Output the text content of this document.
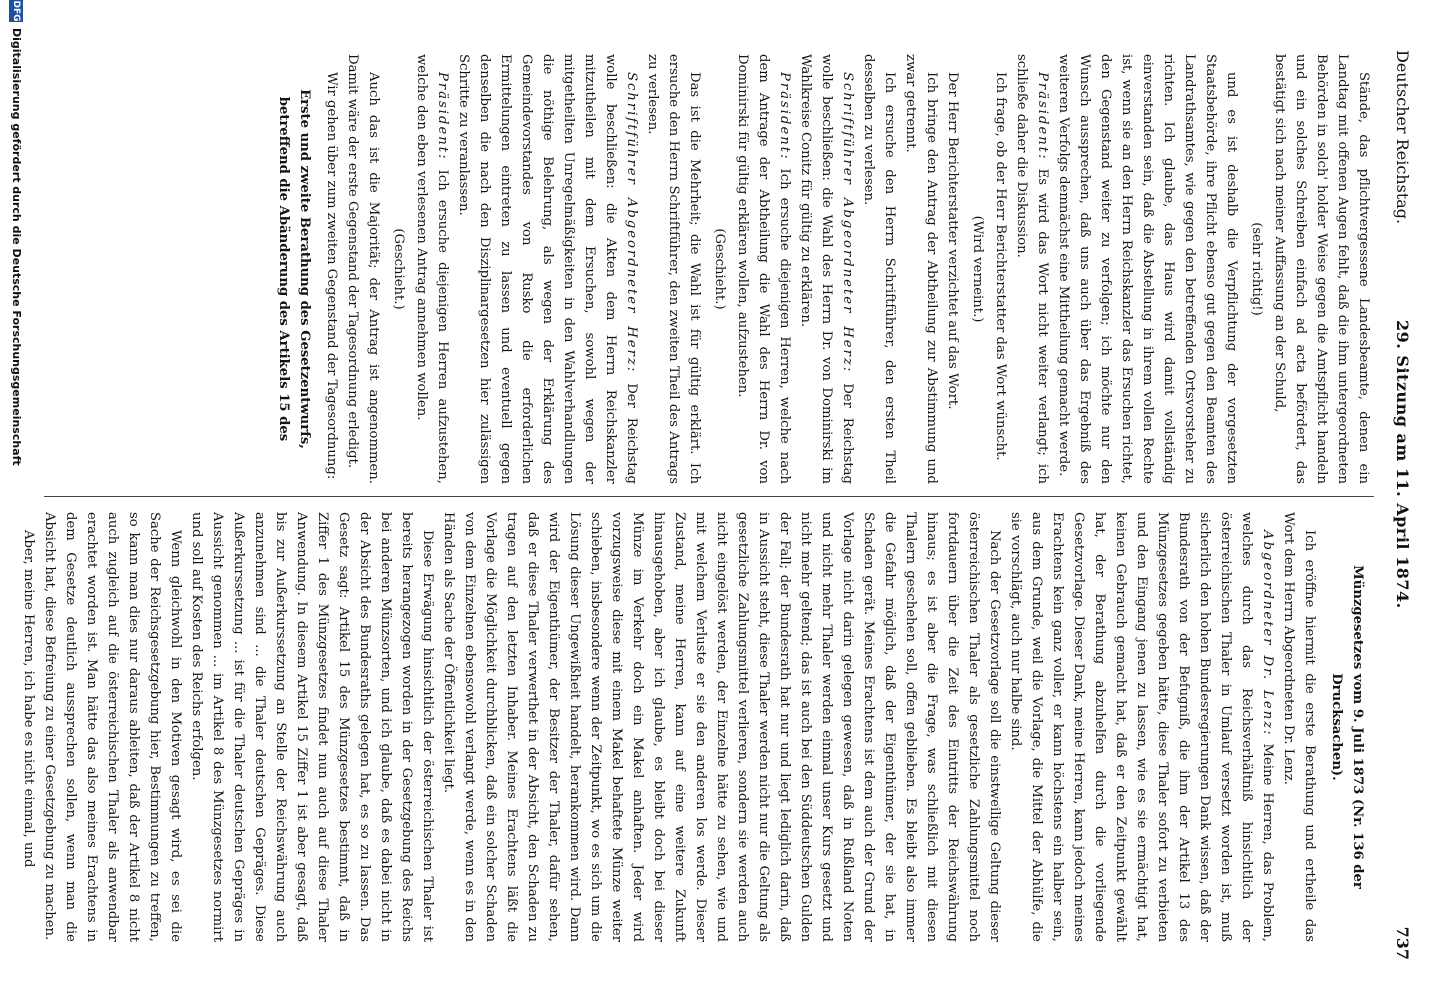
Deutscher Reichstag.
29. Sitzung am 11. April 1874.
737

Stände, das pflichtvergessene Landesbeamte, denen ein Landtag mit offenen Augen fehlt, daß die ihm untergeordneten Behörden in solch' holder Weise gegen die Amtspflicht handeln und ein solches Schreiben einfach ad acta befördert, das bestätigt sich nach meiner Auffassung an der Schuld,

(sehr richtig!)

und es ist deshalb die Verpflichtung der vorgesetzten Staatsbehörde, ihre Pflicht ebenso gut gegen den Beamten des Landrathsamtes, wie gegen den betreffenden Ortsvorsteher zu richten. Ich glaube, das Haus wird damit vollständig einverstanden sein, daß die Abstellung in ihrem vollen Rechte ist, wenn sie an den Herrn Reichskanzler das Ersuchen richtet, den Gegenstand weiter zu verfolgen; ich möchte nur den Wunsch aussprechen, daß uns auch über das Ergebniß des weiteren Verfolgs demnächst eine Mittheilung gemacht werde.

Präsident: Es wird das Wort nicht weiter verlangt; ich schließe daher die Diskussion.

Ich frage, ob der Herr Berichterstatter das Wort wünscht.

(Wird verneint.)

Der Herr Berichterstatter verzichtet auf das Wort.

Ich bringe den Antrag der Abtheilung zur Abstimmung und zwar getrennt.

Ich ersuche den Herrn Schriftführer, den ersten Theil desselben zu verlesen.

Schriftführer Abgeordneter Herz: Der Reichstag wolle beschließen: die Wahl des Herrn Dr. von Dominirski im Wahlkreise Conitz für gültig zu erklären.

Präsident: Ich ersuche diejenigen Herren, welche nach dem Antrage der Abtheilung die Wahl des Herrn Dr. von Dominirski für gültig erklären wollen, aufzustehen.

(Geschieht.)

Das ist die Mehrheit; die Wahl ist für gültig erklärt. Ich ersuche den Herrn Schriftführer, den zweiten Theil des Antrags zu verlesen.

Schriftführer Abgeordneter Herz: Der Reichstag wolle beschließen: die Akten dem Herrn Reichskanzler mitzutheilen mit dem Ersuchen, sowohl wegen der mitgetheilten Unregelmäßigkeiten in den Wahlverhandlungen die nöthige Belehrung, als wegen der Erklärung des Gemeindevorstandes von Rusko die erforderlichen Ermittelungen eintreten zu lassen und eventuell gegen denselben die nach den Disziplinargesetzen hier zulässigen Schritte zu veranlassen.

Präsident: Ich ersuche diejenigen Herren aufzustehen, welche den eben verlesenen Antrag annehmen wollen.

(Geschieht.)

Auch das ist die Majorität; der Antrag ist angenommen. Damit wäre der erste Gegenstand der Tagesordnung erledigt.

Wir gehen über zum zweiten Gegenstand der Tagesordnung:

Erste und zweite Berathung des Gesetzentwurfs, betreffend die Abänderung des Artikels 15 des

Münzgesetzes vom 9. Juli 1873 (Nr. 136 der Drucksachen).

Ich eröffne hiermit die erste Berathung und ertheile das Wort dem Herrn Abgeordneten Dr. Lenz.

Abgeordneter Dr. Lenz: Meine Herren, das Problem, welches durch das Reichsverhältniß hinsichtlich der österreichischen Thaler in Umlauf versetzt worden ist, muß sicherlich den hohen Bundesregierungen Dank wissen, daß der Bundesrath von der Befugniß, die ihm der Artikel 13 des Münzgesetzes gegeben hätte, diese Thaler sofort zu verbieten und den Eingang jenen zu lassen, wie es sie ermächtigt hat, keinen Gebrauch gemacht hat, daß er den Zeitpunkt gewählt hat, der Berathung abzuhelfen durch die vorliegende Gesetzvorlage. Dieser Dank, meine Herren, kann jedoch meines Erachtens kein ganz voller, er kann höchstens ein halber sein, aus dem Grunde, weil die Vorlage, die Mittel der Abhülfe, die sie vorschlägt, auch nur halbe sind.

Nach der Gesetzvorlage soll die einstweilige Geltung dieser österreichischen Thaler als gesetzliche Zahlungsmittel noch fortdauern über die Zeit des Eintritts der Reichswährung hinaus; es ist aber die Frage, was schließlich mit diesen Thalern geschehen soll, offen geblieben. Es bleibt also immer die Gefahr möglich, daß der Eigenthümer, der sie hat, in Schaden gerät. Meines Erachtens ist dem auch der Grund der Vorlage nicht darin gelegen gewesen, daß in Rußland Noten und nicht mehr Thaler werden einmal unser Kurs gesetzt und nicht mehr geltend; das ist auch bei den Süddeutschen Gulden der Fall; der Bundesrath hat nur und liegt lediglich darin, daß in Aussicht steht, diese Thaler werden nicht nur die Geltung als gesetzliche Zahlungsmittel verlieren, sondern sie werden auch nicht eingelöst werden, der Einzelne hätte zu sehen, wie und mit welchem Verluste er sie den anderen los werde. Dieser Zustand, meine Herren, kann auf eine weitere Zukunft hinausgehoben, aber ich glaube, es bleibt doch bei dieser Münze im Verkehr doch ein Makel anhaften. Jeder wird vorzugsweise diese mit einem Makel behaftete Münze weiter schieben, insbesondere wenn der Zeitpunkt, wo es sich um die Lösung dieser Ungewißheit handelt, herankommen wird. Dann wird der Eigenthümer, der Besitzer der Thaler, dafür sehen, daß er diese Thaler verwerthet in der Absicht, den Schaden zu tragen auf den letzten Inhaber. Meines Erachtens läßt die Vorlage die Möglichkeit durchblicken, daß ein solcher Schaden von dem Einzelnen ebensowohl verlangt werde, wenn es in den Händen als Sache der Öffentlichkeit liegt.

Diese Erwägung hinsichtlich der österreichischen Thaler ist bereits herangezogen worden in der Gesetzgebung des Reichs bei anderen Münzsorten, und ich glaube, daß es dabei nicht in der Absicht des Bundesraths gelegen hat, es so zu lassen. Das Gesetz sagt: Artikel 15 des Münzgesetzes bestimmt, daß in Ziffer 1 des Münzgesetzes findet nun auch auf diese Thaler Anwendung. In diesem Artikel 15 Ziffer 1 ist aber gesagt, daß bis zur Außerkurssetzung an Stelle der Reichswährung auch anzunehmen sind ... die Thaler deutschen Gepräges. Diese Außerkurssetzung ... ist für die Thaler deutschen Gepräges in Aussicht genommen ... im Artikel 8 des Münzgesetzes normirt und soll auf Kosten des Reichs erfolgen.

Wenn gleichwohl in den Motiven gesagt wird, es sei die Sache der Reichsgesetzgebung hier, Bestimmungen zu treffen, so kann man dies nur daraus ableiten, daß der Artikel 8 nicht auch zugleich auf die österreichischen Thaler als anwendbar erachtet worden ist. Man hätte das also meines Erachtens in dem Gesetze deutlich aussprechen sollen, wenn man die Absicht hat, diese Befreiung zu einer Gesetzgebung zu machen.

Aber, meine Herren, ich habe es nicht einmal, und

DFG
Digitalisierung gefördert durch die Deutsche Forschungsgemeinschaft
